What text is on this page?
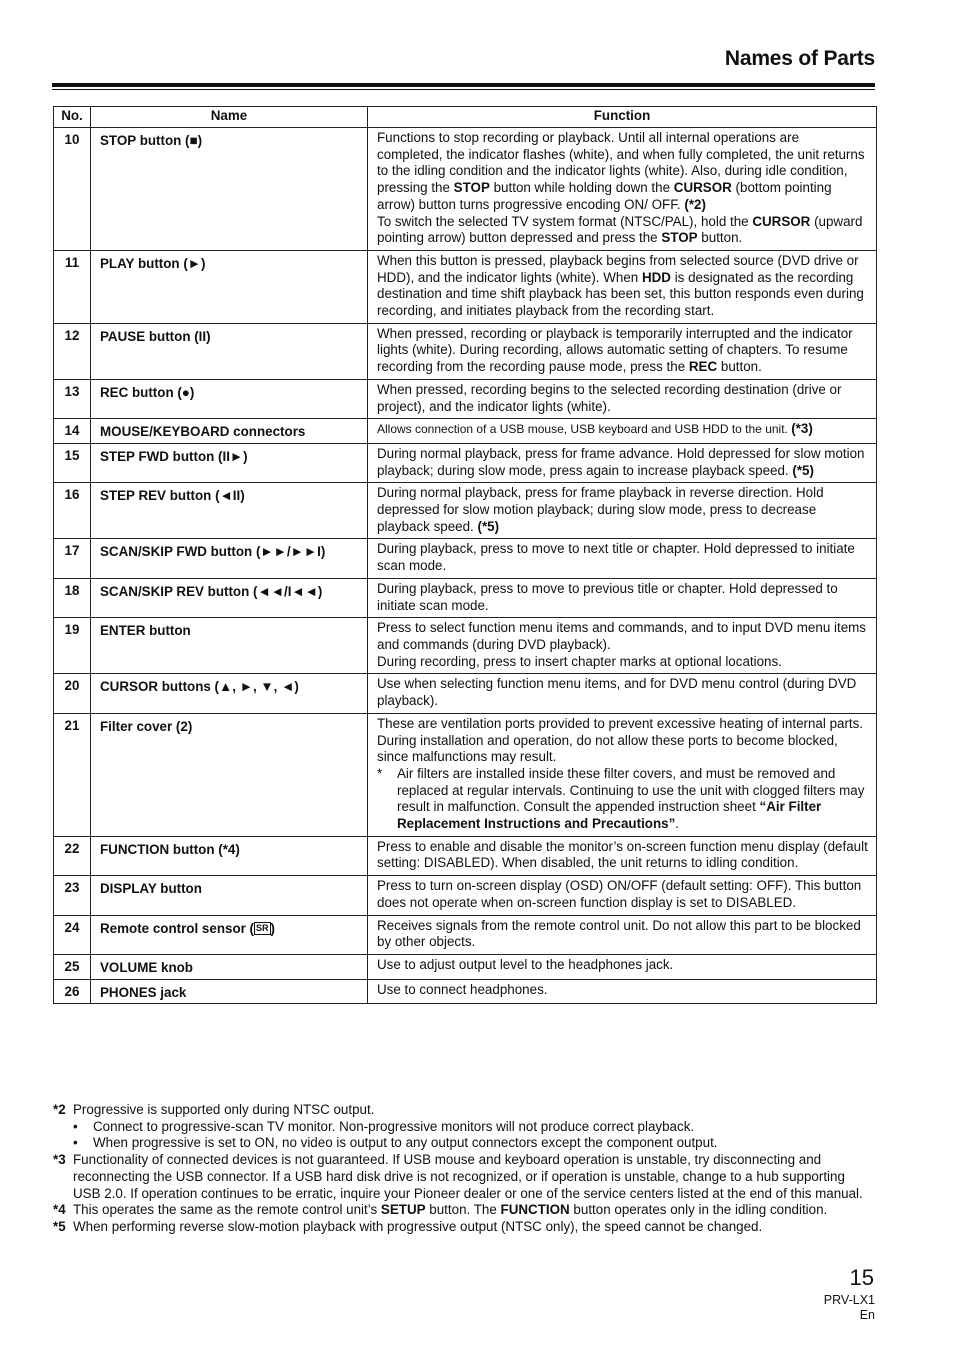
Names of Parts
No.	Name	Function
10	STOP button (■)	Functions to stop recording or playback. Until all internal operations are completed, the indicator flashes (white), and when fully completed, the unit returns to the idling condition and the indicator lights (white). Also, during idle condition, pressing the STOP button while holding down the CURSOR (bottom pointing arrow) button turns progressive encoding ON/ OFF. (*2)
To switch the selected TV system format (NTSC/PAL), hold the CURSOR (upward pointing arrow) button depressed and press the STOP button.
11	PLAY button (►)	When this button is pressed, playback begins from selected source (DVD drive or HDD), and the indicator lights (white). When HDD is designated as the recording destination and time shift playback has been set, this button responds even during recording, and initiates playback from the recording start.
12	PAUSE button (II)	When pressed, recording or playback is temporarily interrupted and the indicator lights (white). During recording, allows automatic setting of chapters. To resume recording from the recording pause mode, press the REC button.
13	REC button (●)	When pressed, recording begins to the selected recording destination (drive or project), and the indicator lights (white).
14	MOUSE/KEYBOARD connectors	Allows connection of a USB mouse, USB keyboard and USB HDD to the unit. (*3)
15	STEP FWD button (II►)	During normal playback, press for frame advance. Hold depressed for slow motion playback; during slow mode, press again to increase playback speed. (*5)
16	STEP REV button (◄II)	During normal playback, press for frame playback in reverse direction. Hold depressed for slow motion playback; during slow mode, press to decrease playback speed. (*5)
17	SCAN/SKIP FWD button (►►/►►I)	During playback, press to move to next title or chapter. Hold depressed to initiate scan mode.
18	SCAN/SKIP REV button (◄◄/I◄◄)	During playback, press to move to previous title or chapter. Hold depressed to initiate scan mode.
19	ENTER button	Press to select function menu items and commands, and to input DVD menu items and commands (during DVD playback).
During recording, press to insert chapter marks at optional locations.
20	CURSOR buttons (▲, ►, ▼, ◄)	Use when selecting function menu items, and for DVD menu control (during DVD playback).
21	Filter cover (2)	These are ventilation ports provided to prevent excessive heating of internal parts. During installation and operation, do not allow these ports to become blocked, since malfunctions may result.
* Air filters are installed inside these filter covers, and must be removed and replaced at regular intervals. Continuing to use the unit with clogged filters may result in malfunction. Consult the appended instruction sheet “Air Filter Replacement Instructions and Precautions”.

22	FUNCTION button (*4)	Press to enable and disable the monitor’s on-screen function menu display (default setting: DISABLED). When disabled, the unit returns to idling condition.
23	DISPLAY button	Press to turn on-screen display (OSD) ON/OFF (default setting: OFF). This button does not operate when on-screen function display is set to DISABLED.
24	Remote control sensor ( SR )	Receives signals from the remote control unit. Do not allow this part to be blocked by other objects.
25	VOLUME knob	Use to adjust output level to the headphones jack.
26	PHONES jack	Use to connect headphones.
*2 Progressive is supported only during NTSC output.
• Connect to progressive-scan TV monitor. Non-progressive monitors will not produce correct playback.
• When progressive is set to ON, no video is output to any output connectors except the component output.
*3 Functionality of connected devices is not guaranteed. If USB mouse and keyboard operation is unstable, try disconnecting and reconnecting the USB connector. If a USB hard disk drive is not recognized, or if operation is unstable, change to a hub supporting USB 2.0. If operation continues to be erratic, inquire your Pioneer dealer or one of the service centers listed at the end of this manual.
*4 This operates the same as the remote control unit’s SETUP button. The FUNCTION button operates only in the idling condition.
*5 When performing reverse slow-motion playback with progressive output (NTSC only), the speed cannot be changed.
15
PRV-LX1
En
